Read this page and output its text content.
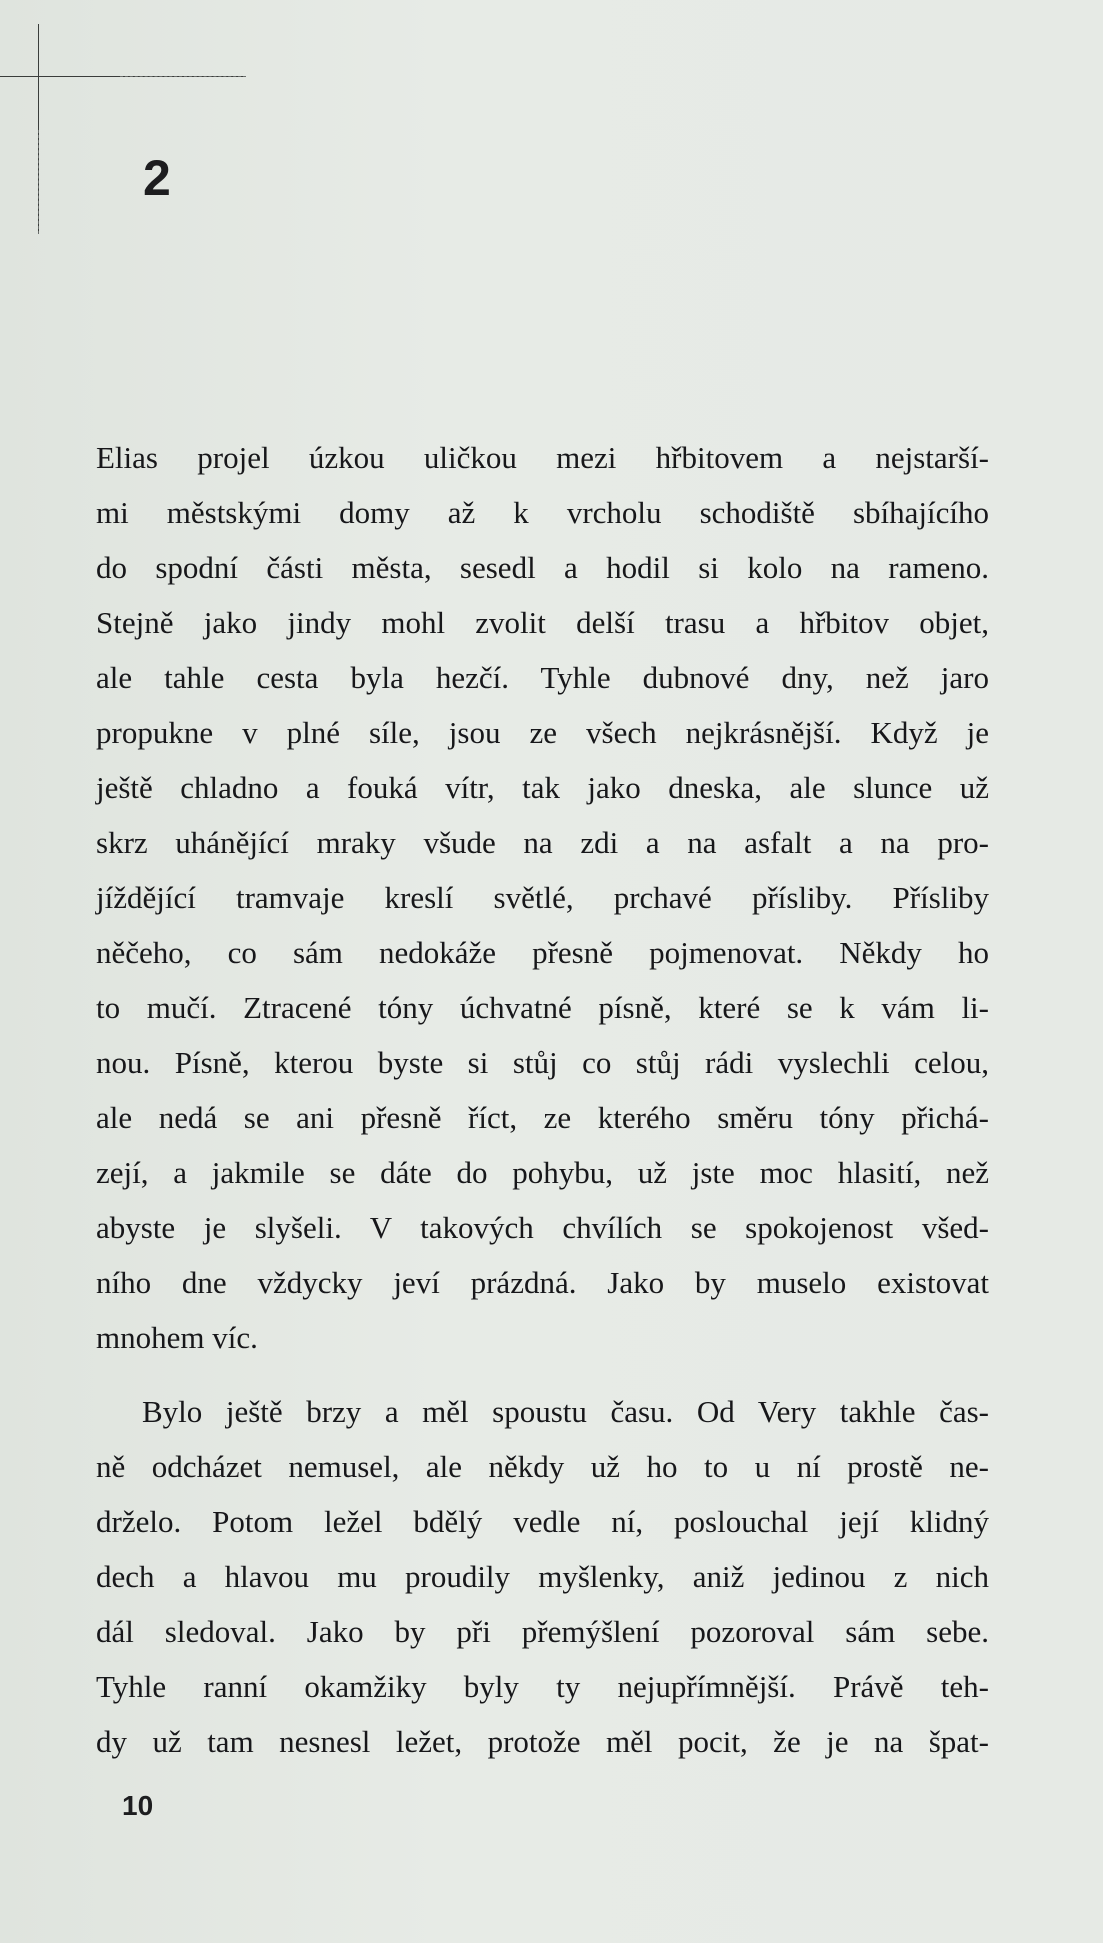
2
Elias projel úzkou uličkou mezi hřbitovem a nejstarší-
mi městskými domy až k vrcholu schodiště sbíhajícího
do spodní části města, sesedl a hodil si kolo na rameno.
Stejně jako jindy mohl zvolit delší trasu a hřbitov objet,
ale tahle cesta byla hezčí. Tyhle dubnové dny, než jaro
propukne v plné síle, jsou ze všech nejkrásnější. Když je
ještě chladno a fouká vítr, tak jako dneska, ale slunce už
skrz uhánějící mraky všude na zdi a na asfalt a na pro-
jíždějící tramvaje kreslí světlé, prchavé přísliby. Přísliby
něčeho, co sám nedokáže přesně pojmenovat. Někdy ho
to mučí. Ztracené tóny úchvatné písně, které se k vám li-
nou. Písně, kterou byste si stůj co stůj rádi vyslechli celou,
ale nedá se ani přesně říct, ze kterého směru tóny přichá-
zejí, a jakmile se dáte do pohybu, už jste moc hlasití, než
abyste je slyšeli. V takových chvílích se spokojenost všed-
ního dne vždycky jeví prázdná. Jako by muselo existovat
mnohem víc.
Bylo ještě brzy a měl spoustu času. Od Very takhle čas-
ně odcházet nemusel, ale někdy už ho to u ní prostě ne-
drželo. Potom ležel bdělý vedle ní, poslouchal její klidný
dech a hlavou mu proudily myšlenky, aniž jedinou z nich
dál sledoval. Jako by při přemýšlení pozoroval sám sebe.
Tyhle ranní okamžiky byly ty nejupřímnější. Právě teh-
dy už tam nesnesl ležet, protože měl pocit, že je na špat-
10
